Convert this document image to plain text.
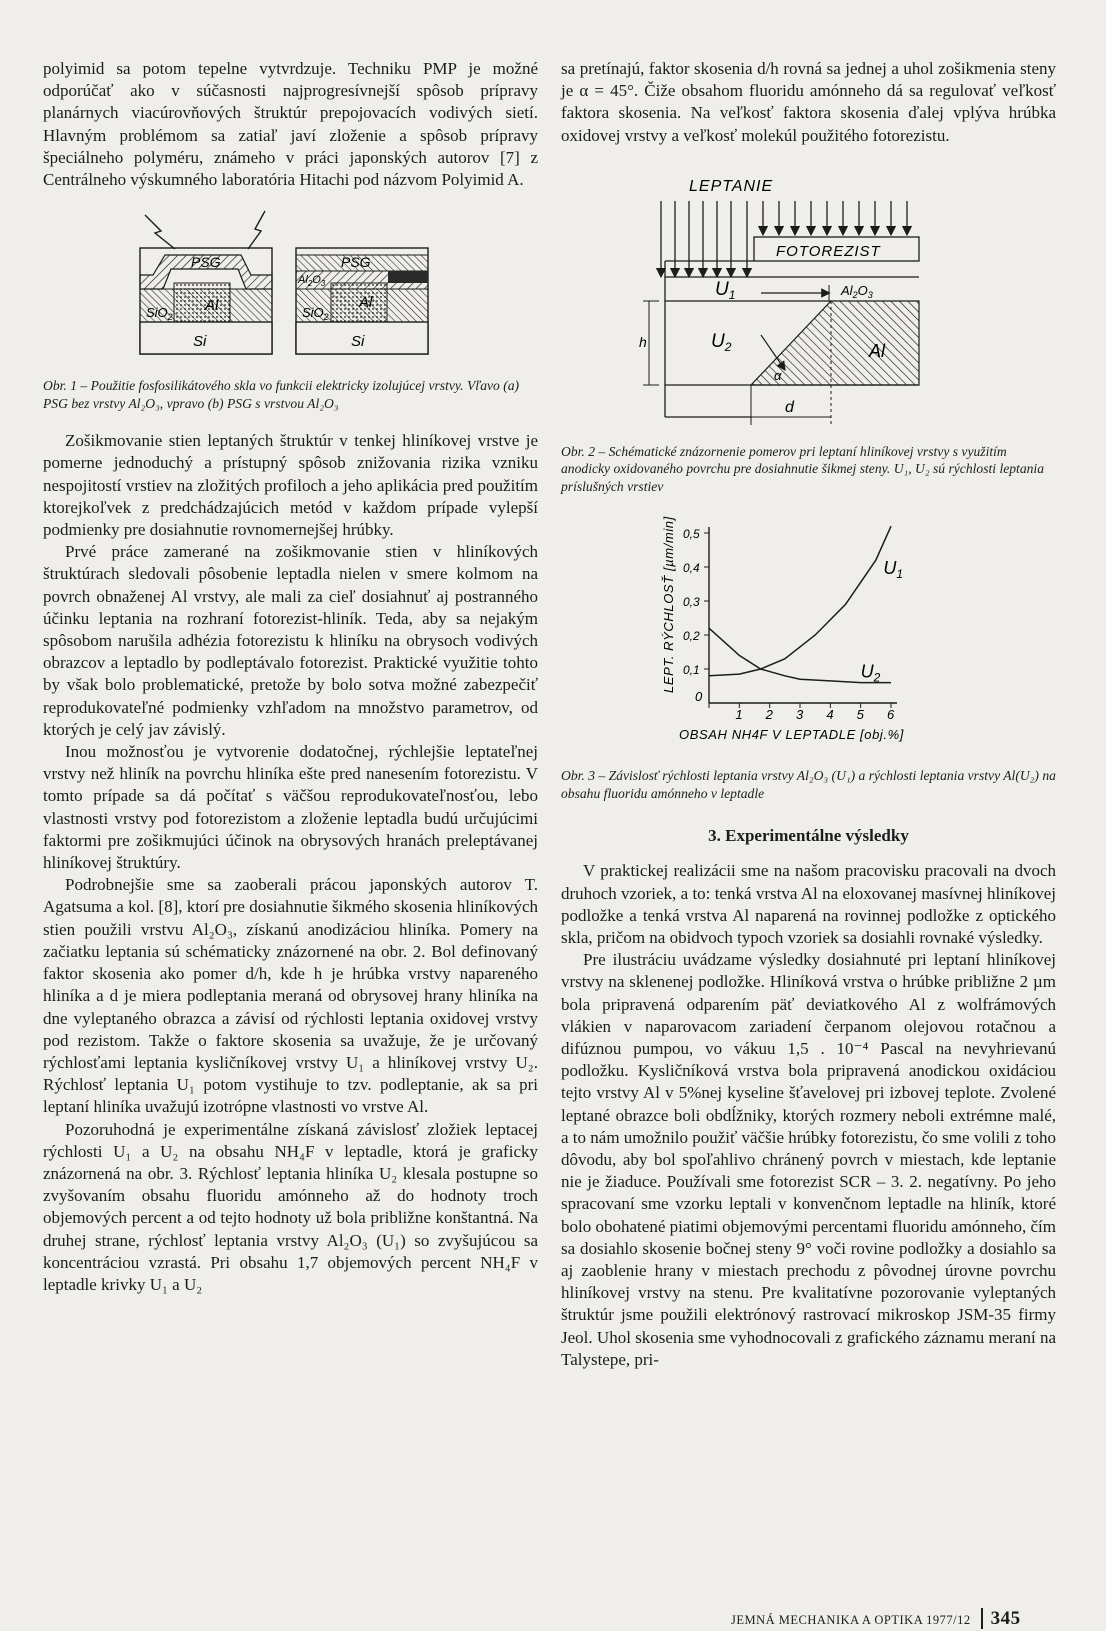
polyimid sa potom tepelne vytvrdzuje. Techniku PMP je možné odporúčať ako v súčasnosti najprogresívnejší spôsob prípravy planárnych viacúrovňových štruktúr prepojovacích vodivých sietí. Hlavným problémom sa zatiaľ javí zloženie a spôsob prípravy špeciálneho polyméru, známeho v práci japonských autorov [7] z Centrálneho výskumného laboratória Hitachi pod názvom Polyimid A.

PSG
Al
SiO$_2$
Si
PSG
$Al_2O_3$
Al
SiO$_2$
Si

Obr. 1 – Použitie fosfosilikátového skla vo funkcii elektricky izolujúcej vrstvy. Vľavo (a) PSG bez vrstvy Al₂O₃, vpravo (b) PSG s vrstvou Al₂O₃

Zošikmovanie stien leptaných štruktúr v tenkej hliníkovej vrstve je pomerne jednoduchý a prístupný spôsob znižovania rizika vzniku nespojitostí vrstiev na zložitých profiloch a jeho aplikácia pred použitím ktorejkoľvek z predchádzajúcich metód v každom prípade vylepší podmienky pre dosiahnutie rovnomernejšej hrúbky.

Prvé práce zamerané na zošikmovanie stien v hliníkových štruktúrach sledovali pôsobenie leptadla nielen v smere kolmom na povrch obnaženej Al vrstvy, ale mali za cieľ dosiahnuť aj postranného účinku leptania na rozhraní fotorezist-hliník. Teda, aby sa nejakým spôsobom narušila adhézia fotorezistu k hliníku na obrysoch vodivých obrazcov a leptadlo by podleptávalo fotorezist. Praktické využitie tohto by však bolo problematické, pretože by bolo sotva možné zabezpečiť reprodukovateľné podmienky vzhľadom na množstvo parametrov, od ktorých je celý jav závislý.

Inou možnosťou je vytvorenie dodatočnej, rýchlejšie leptateľnej vrstvy než hliník na povrchu hliníka ešte pred nanesením fotorezistu. V tomto prípade sa dá počítať s väčšou reprodukovateľnosťou, lebo vlastnosti vrstvy pod fotorezistom a zloženie leptadla budú určujúcimi faktormi pre zošikmujúci účinok na obrysových hranách preleptávanej hliníkovej štruktúry.

Podrobnejšie sme sa zaoberali prácou japonských autorov T. Agatsuma a kol. [8], ktorí pre dosiahnutie šikmého skosenia hliníkových stien použili vrstvu Al₂O₃, získanú anodizáciou hliníka. Pomery na začiatku leptania sú schématicky znázornené na obr. 2. Bol definovaný faktor skosenia ako pomer d/h, kde h je hrúbka vrstvy napareného hliníka a d je miera podleptania meraná od obrysovej hrany hliníka na dne vyleptaného obrazca a závisí od rýchlosti leptania oxidovej vrstvy pod rezistom. Takže o faktore skosenia sa uvažuje, že je určovaný rýchlosťami leptania kysličníkovej vrstvy U₁ a hliníkovej vrstvy U₂. Rýchlosť leptania U₁ potom vystihuje to tzv. podleptanie, ak sa pri leptaní hliníka uvažujú izotrópne vlastnosti vo vrstve Al.

Pozoruhodná je experimentálne získaná závislosť zložiek leptacej rýchlosti U₁ a U₂ na obsahu NH₄F v leptadle, ktorá je graficky znázornená na obr. 3. Rýchlosť leptania hliníka U₂ klesala postupne so zvyšovaním obsahu fluoridu amónneho až do hodnoty troch objemových percent a od tejto hodnoty už bola približne konštantná. Na druhej strane, rýchlosť leptania vrstvy Al₂O₃ (U₁) so zvyšujúcou sa koncentráciou vzrastá. Pri obsahu 1,7 objemových percent NH₄F v leptadle krivky U₁ a U₂

sa pretínajú, faktor skosenia d/h rovná sa jednej a uhol zošikmenia steny je α = 45°. Čiže obsahom fluoridu amónneho dá sa regulovať veľkosť faktora skosenia. Na veľkosť faktora skosenia ďalej vplýva hrúbka oxidovej vrstvy a veľkosť molekúl použitého fotorezistu.

LEPTANIE
FOTOREZIST
$U_1$	$Al_2O_3$
$U_2$	Al
α
h
d

Obr. 2 – Schématické znázornenie pomerov pri leptaní hliníkovej vrstvy s využitím anodicky oxidovaného povrchu pre dosiahnutie šikmej steny. U₁, U₂ sú rýchlosti leptania príslušných vrstiev

0
1 2 3 4 5 6
0,1
0,2
0,3
0,4
0,5
OBSAH NH4F V LEPTADLE [obj.%]
LEPT. RÝCHLOSŤ [µm/min]	$U_1$
$U_2$

Obr. 3 – Závislosť rýchlosti leptania vrstvy Al₂O₃ (U₁) a rýchlosti leptania vrstvy Al(U₂) na obsahu fluoridu amónneho v leptadle

3. Experimentálne výsledky

V praktickej realizácii sme na našom pracovisku pracovali na dvoch druhoch vzoriek, a to: tenká vrstva Al na eloxovanej masívnej hliníkovej podložke a tenká vrstva Al naparená na rovinnej podložke z optického skla, pričom na obidvoch typoch vzoriek sa dosiahli rovnaké výsledky.

Pre ilustráciu uvádzame výsledky dosiahnuté pri leptaní hliníkovej vrstvy na sklenenej podložke. Hliníková vrstva o hrúbke približne 2 µm bola pripravená odparením päť deviatkového Al z wolfrámových vlákien v naparovacom zariadení čerpanom olejovou rotačnou a difúznou pumpou, vo vákuu 1,5 . 10⁻⁴ Pascal na nevyhrievanú podložku. Kysličníková vrstva bola pripravená anodickou oxidáciou tejto vrstvy Al v 5%nej kyseline šťavelovej pri izbovej teplote. Zvolené leptané obrazce boli obdĺžniky, ktorých rozmery neboli extrémne malé, a to nám umožnilo použiť väčšie hrúbky fotorezistu, čo sme volili z toho dôvodu, aby bol spoľahlivo chránený povrch v miestach, kde leptanie nie je žiaduce. Používali sme fotorezist SCR – 3. 2. negatívny. Po jeho spracovaní sme vzorku leptali v konvenčnom leptadle na hliník, ktoré bolo obohatené piatimi objemovými percentami fluoridu amónneho, čím sa dosiahlo skosenie bočnej steny 9° voči rovine podložky a dosiahlo sa aj zaoblenie hrany v miestach prechodu z pôvodnej úrovne povrchu hliníkovej vrstvy na stenu. Pre kvalitatívne pozorovanie vyleptaných štruktúr jsme použili elektrónový rastrovací mikroskop JSM-35 firmy Jeol. Uhol skosenia sme vyhodnocovali z grafického záznamu meraní na Talystepe, pri-

JEMNÁ MECHANIKA A OPTIKA 1977/12 345
